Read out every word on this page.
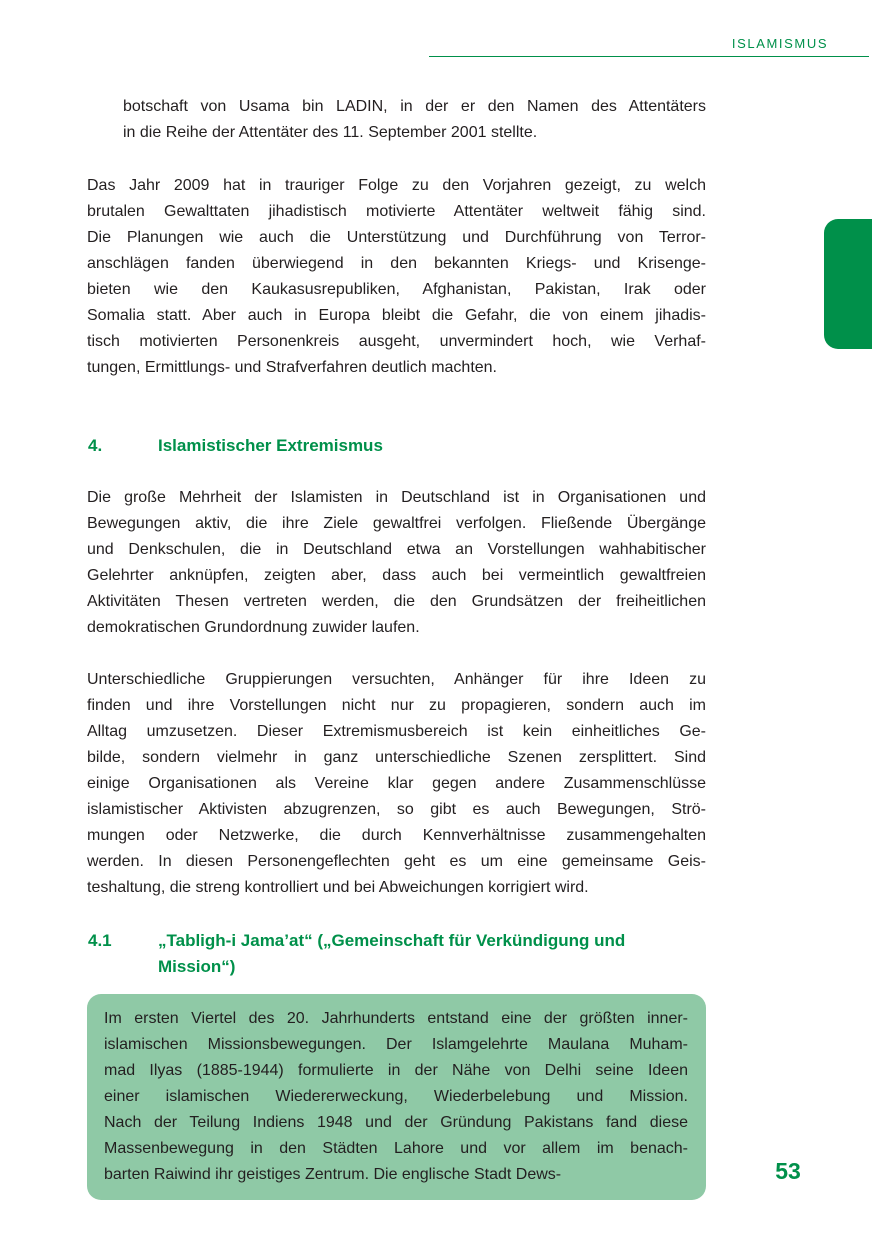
ISLAMISMUS

botschaft von Usama bin LADIN, in der er den Namen des Attentäters
in die Reihe der Attentäter des 11. September 2001 stellte.

Das Jahr 2009 hat in trauriger Folge zu den Vorjahren gezeigt, zu welch
brutalen Gewalttaten jihadistisch motivierte Attentäter weltweit fähig sind.
Die Planungen wie auch die Unterstützung und Durchführung von Terror-
anschlägen fanden überwiegend in den bekannten Kriegs- und Krisenge-
bieten wie den Kaukasusrepubliken, Afghanistan, Pakistan, Irak oder
Somalia statt. Aber auch in Europa bleibt die Gefahr, die von einem jihadis-
tisch motivierten Personenkreis ausgeht, unvermindert hoch, wie Verhaf-
tungen, Ermittlungs- und Strafverfahren deutlich machten.

4.	Islamistischer Extremismus

Die große Mehrheit der Islamisten in Deutschland ist in Organisationen und
Bewegungen aktiv, die ihre Ziele gewaltfrei verfolgen. Fließende Übergänge
und Denkschulen, die in Deutschland etwa an Vorstellungen wahhabitischer
Gelehrter anknüpfen, zeigten aber, dass auch bei vermeintlich gewaltfreien
Aktivitäten Thesen vertreten werden, die den Grundsätzen der freiheitlichen
demokratischen Grundordnung zuwider laufen.

Unterschiedliche Gruppierungen versuchten, Anhänger für ihre Ideen zu
finden und ihre Vorstellungen nicht nur zu propagieren, sondern auch im
Alltag umzusetzen. Dieser Extremismusbereich ist kein einheitliches Ge-
bilde, sondern vielmehr in ganz unterschiedliche Szenen zersplittert. Sind
einige Organisationen als Vereine klar gegen andere Zusammenschlüsse
islamistischer Aktivisten abzugrenzen, so gibt es auch Bewegungen, Strö-
mungen oder Netzwerke, die durch Kennverhältnisse zusammengehalten
werden. In diesen Personengeflechten geht es um eine gemeinsame Geis-
teshaltung, die streng kontrolliert und bei Abweichungen korrigiert wird.

4.1	„Tabligh-i Jama’at“ („Gemeinschaft für Verkündigung und
Mission“)

Im ersten Viertel des 20. Jahrhunderts entstand eine der größten inner-
islamischen Missionsbewegungen. Der Islamgelehrte Maulana Muham-
mad Ilyas (1885-1944) formulierte in der Nähe von Delhi seine Ideen
einer islamischen Wiedererweckung, Wiederbelebung und Mission.
Nach der Teilung Indiens 1948 und der Gründung Pakistans fand diese
Massenbewegung in den Städten Lahore und vor allem im benach-
barten Raiwind ihr geistiges Zentrum. Die englische Stadt Dews-	53
